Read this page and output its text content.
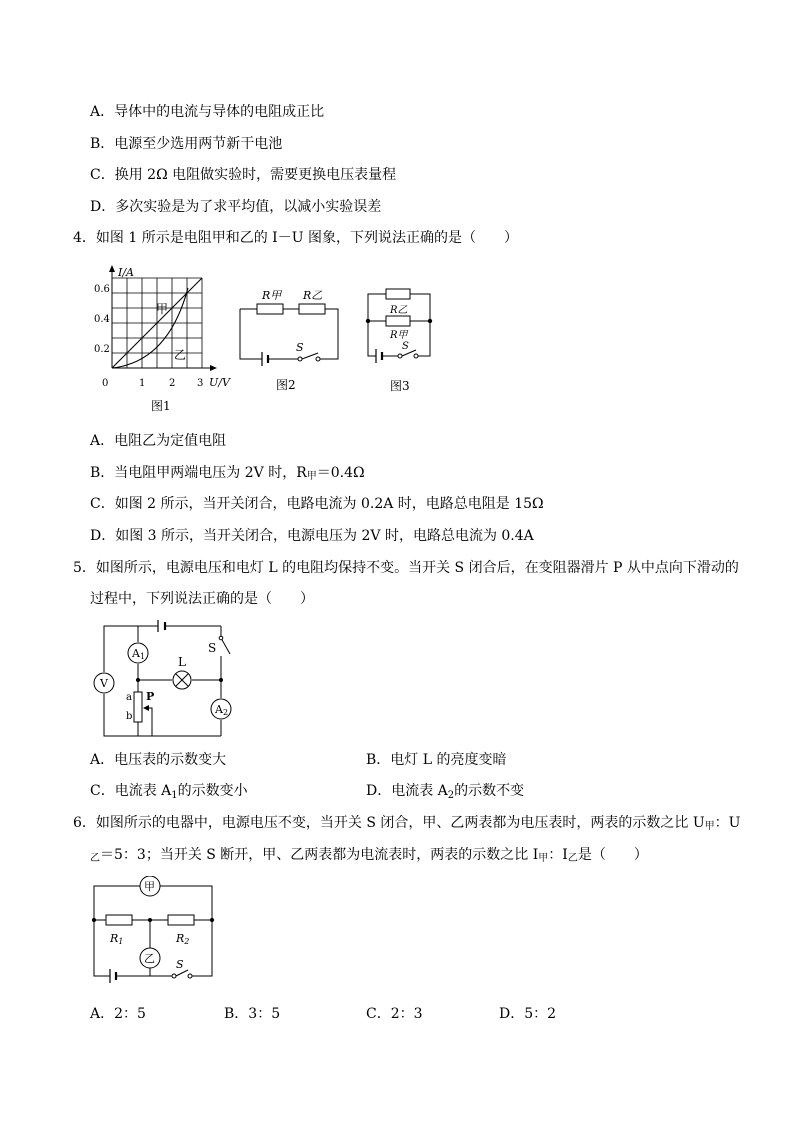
A．导体中的电流与导体的电阻成正比
B．电源至少选用两节新干电池
C．换用 2Ω 电阻做实验时，需要更换电压表量程
D．多次实验是为了求平均值，以减小实验误差
4．如图 1 所示是电阻甲和乙的 I－U 图象，下列说法正确的是（　　）
I/A
0.6
0.4
0.2
0	1 2 3 U/V
甲
乙
图1
R甲 R乙
S
图2
R乙
R甲
S
图3
A．电阻乙为定值电阻
B．当电阻甲两端电压为 2V 时，R甲＝0.4Ω
C．如图 2 所示，当开关闭合，电路电流为 0.2A 时，电路总电阻是 15Ω
D．如图 3 所示，当开关闭合，电源电压为 2V 时，电路总电流为 0.4A
5．如图所示，电源电压和电灯 L 的电阻均保持不变。当开关 S 闭合后，在变阻器滑片 P 从中点向下滑动的
过程中，下列说法正确的是（　　）
V
A1	L
S
A2
a
b
P
A．电压表的示数变大	B．电灯 L 的亮度变暗
C．电流表 $A_1$的示数变小	D．电流表 $A_2$的示数不变
6．如图所示的电器中，电源电压不变，当开关 S 闭合，甲、乙两表都为电压表时，两表的示数之比 U甲：U
乙＝5：3；当开关 S 断开，甲、乙两表都为电流表时，两表的示数之比 I甲：I乙是（　　）
甲
乙
R1	R2
S
A．2：5	B．3：5	C．2：3	D．5：2
